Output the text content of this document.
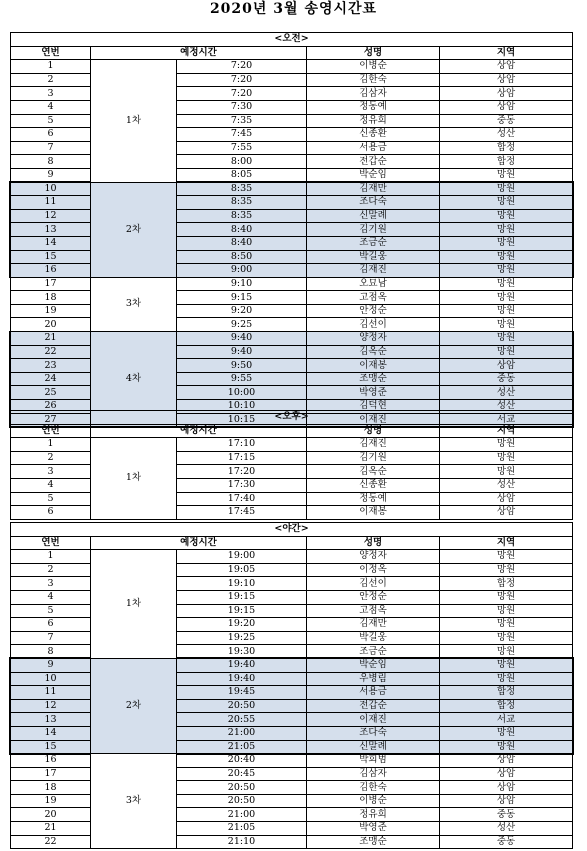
2020년 3월 송영시간표
<오전>				
연번	예정시간		성명	지역
1	1차	7:20	이병순	상암
2		7:20	김한숙	상암
3		7:20	김삼자	상암
4		7:30	정동예	상암
5		7:35	정유희	중동
6		7:45	신종환	성산
7		7:55	서용금	합정
8		8:00	전갑순	합정
9		8:05	박순임	망원
10	2차	8:35	김재만	망원
11		8:35	조다숙	망원
12		8:35	신말례	망원
13		8:40	김기원	망원
14		8:40	조금순	망원
15		8:50	박길웅	망원
16		9:00	김재진	망원
17	3차	9:10	오묘남	망원
18		9:15	고점옥	망원
19		9:20	안정순	망원
20		9:25	김선이	망원
21	4차	9:40	양정자	망원
22		9:40	김옥순	망원
23		9:50	이재봉	상암
24		9:55	조맹순	중동
25		10:00	박영준	성산
26		10:10	김덕현	성산
27		10:15	이재진	서교
<오후>				
연번	예정시간		성명	지역
1	1차	17:10	김재진	망원
2		17:15	김기원	망원
3		17:20	김옥순	망원
4		17:30	신종환	성산
5		17:40	정동예	상암
6		17:45	이재봉	상암
<야간>				
연번	예정시간		성명	지역
1	1차	19:00	양정자	망원
2		19:05	이정옥	망원
3		19:10	김선이	합정
4		19:15	안정순	망원
5		19:15	고점옥	망원
6		19:20	김재만	망원
7		19:25	박길웅	망원
8		19:30	조금순	망원
9	2차	19:40	박순임	망원
10		19:40	우병림	망원
11		19:45	서용금	합정
12		20:50	전갑순	합정
13		20:55	이재진	서교
14		21:00	조다숙	망원
15		21:05	신말례	망원
16	3차	20:40	박희범	상암
17		20:45	김삼자	상암
18		20:50	김한숙	상암
19		20:50	이병순	상암
20		21:00	정유희	중동
21		21:05	박영준	성산
22		21:10	조맹순	중동
